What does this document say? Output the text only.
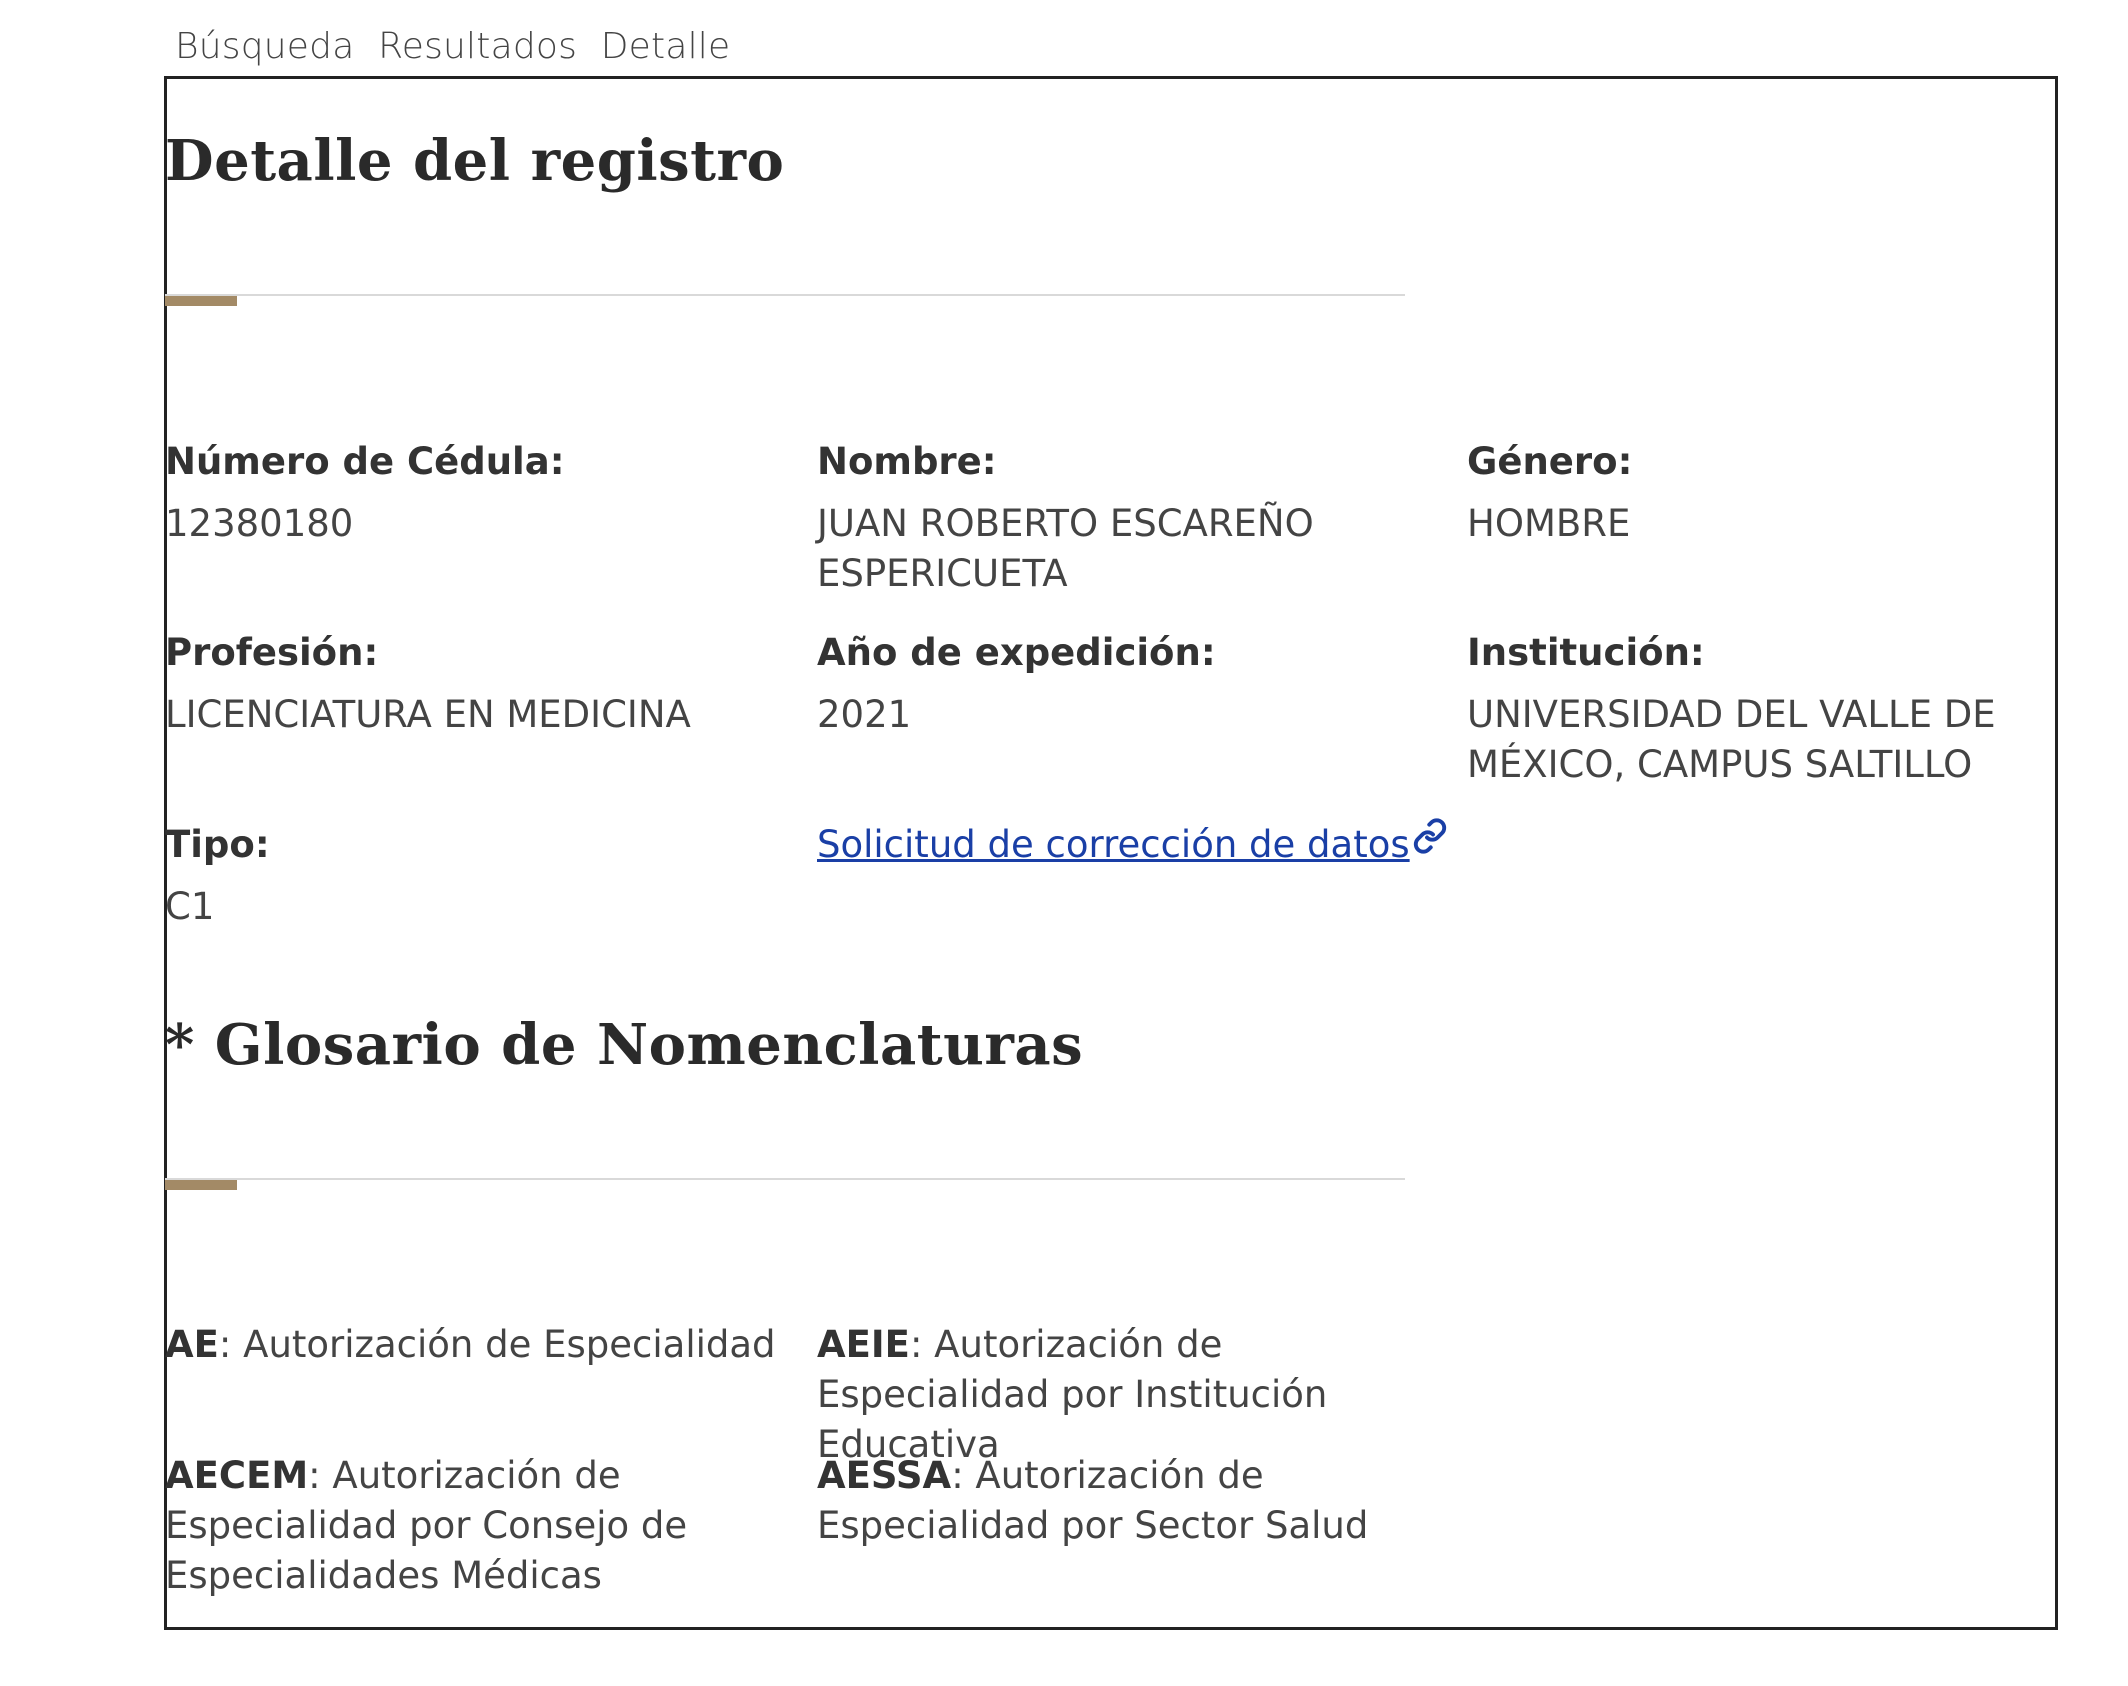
Búsqueda Resultados Detalle
Detalle del registro
Número de Cédula:
12380180
Nombre:
JUAN ROBERTO ESCAREÑO
ESPERICUETA
Género:
HOMBRE
Profesión:
LICENCIATURA EN MEDICINA
Año de expedición:
2021
Institución:
UNIVERSIDAD DEL VALLE DE
MÉXICO, CAMPUS SALTILLO
Tipo:
C1
Solicitud de corrección de datos
* Glosario de Nomenclaturas
AE: Autorización de Especialidad AEIE: Autorización de Especialidad por Institución Educativa
AECEM: Autorización de Especialidad por Consejo de Especialidades Médicas
AESSA: Autorización de Especialidad por Sector Salud
